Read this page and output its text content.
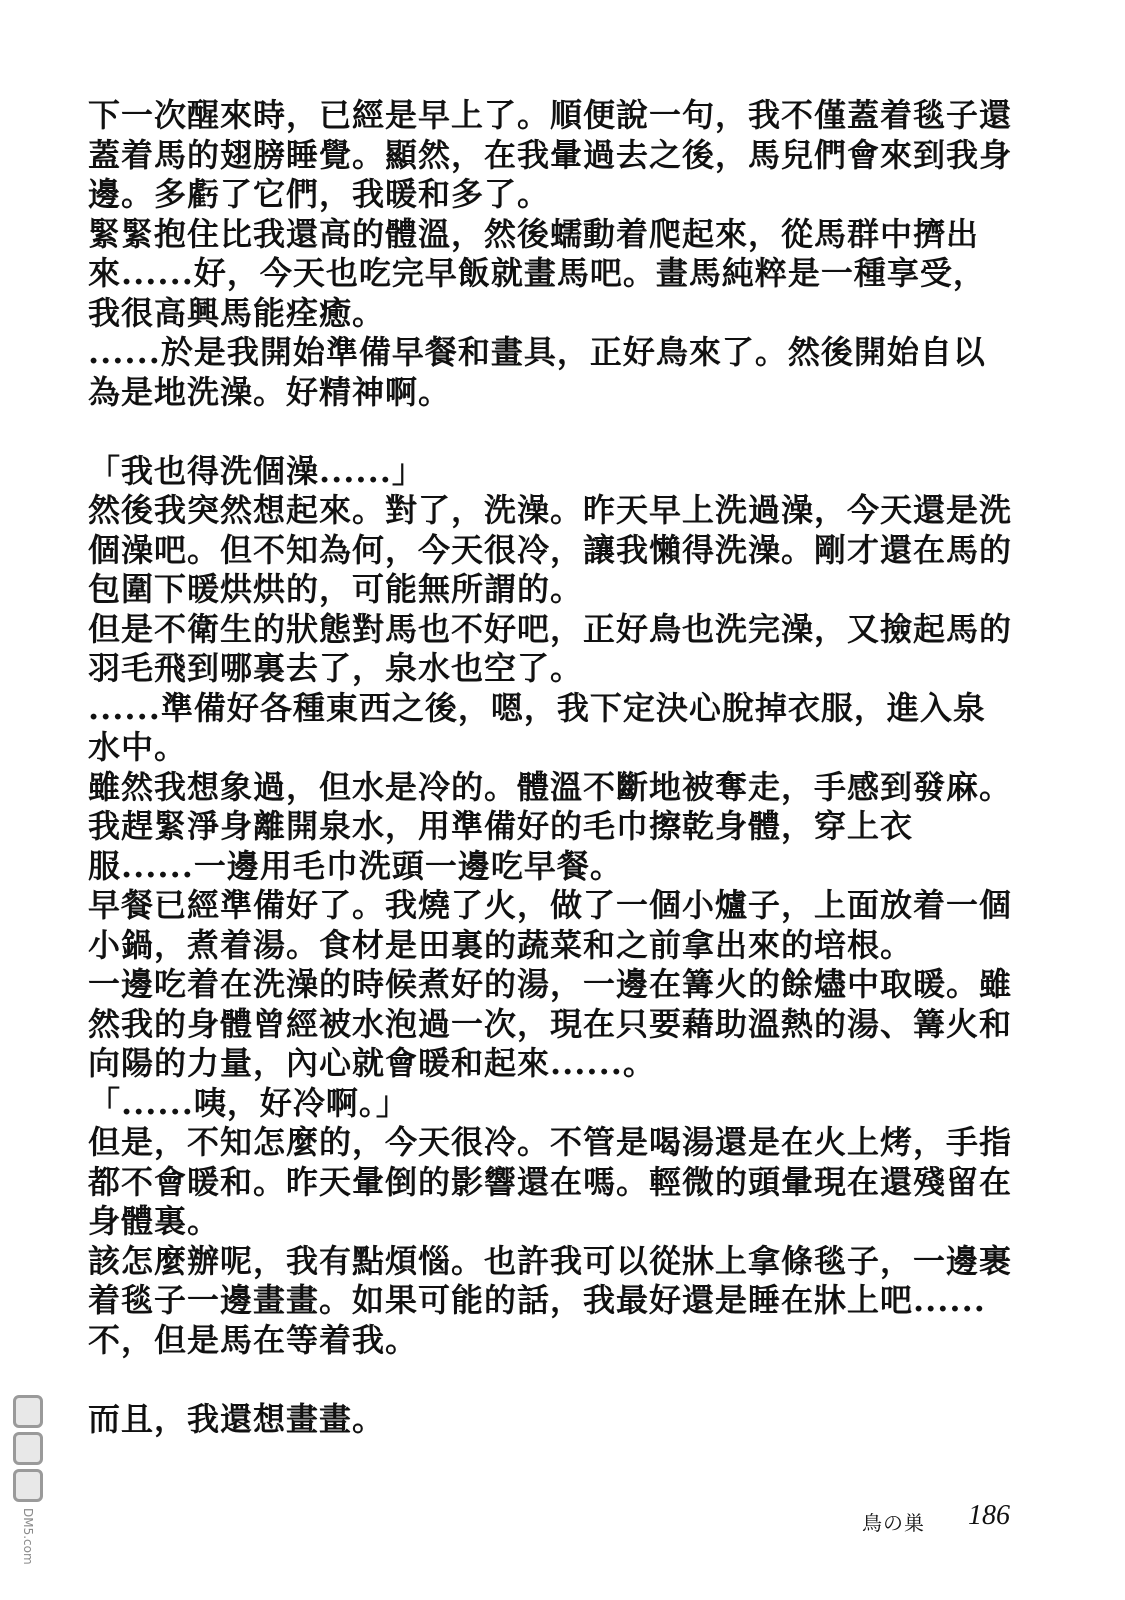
下一次醒來時，已經是早上了。順便說一句，我不僅蓋着毯子還
蓋着馬的翅膀睡覺。顯然，在我暈過去之後，馬兒們會來到我身
邊。多虧了它們，我暖和多了。
緊緊抱住比我還高的體溫，然後蠕動着爬起來，從馬群中擠出
來......好，今天也吃完早飯就畫馬吧。畫馬純粹是一種享受，
我很高興馬能痊癒。
......於是我開始準備早餐和畫具，正好鳥來了。然後開始自以
為是地洗澡。好精神啊。
「我也得洗個澡......」
然後我突然想起來。對了，洗澡。昨天早上洗過澡，今天還是洗
個澡吧。但不知為何，今天很冷，讓我懶得洗澡。剛才還在馬的
包圍下暖烘烘的，可能無所謂的。
但是不衛生的狀態對馬也不好吧，正好鳥也洗完澡，又撿起馬的
羽毛飛到哪裏去了，泉水也空了。
......準備好各種東西之後，嗯，我下定決心脫掉衣服，進入泉
水中。
雖然我想象過，但水是冷的。體溫不斷地被奪走，手感到發麻。
我趕緊淨身離開泉水，用準備好的毛巾擦乾身體，穿上衣
服......一邊用毛巾洗頭一邊吃早餐。
早餐已經準備好了。我燒了火，做了一個小爐子，上面放着一個
小鍋，煮着湯。食材是田裏的蔬菜和之前拿出來的培根。
一邊吃着在洗澡的時候煮好的湯，一邊在篝火的餘燼中取暖。雖
然我的身體曾經被水泡過一次，現在只要藉助溫熱的湯、篝火和
向陽的力量，內心就會暖和起來......。
「......咦，好冷啊。」
但是，不知怎麼的，今天很冷。不管是喝湯還是在火上烤，手指
都不會暖和。昨天暈倒的影響還在嗎。輕微的頭暈現在還殘留在
身體裏。
該怎麼辦呢，我有點煩惱。也許我可以從牀上拿條毯子，一邊裹
着毯子一邊畫畫。如果可能的話，我最好還是睡在牀上吧......
不，但是馬在等着我。
而且，我還想畫畫。
DM5.com	鳥の巣 186
